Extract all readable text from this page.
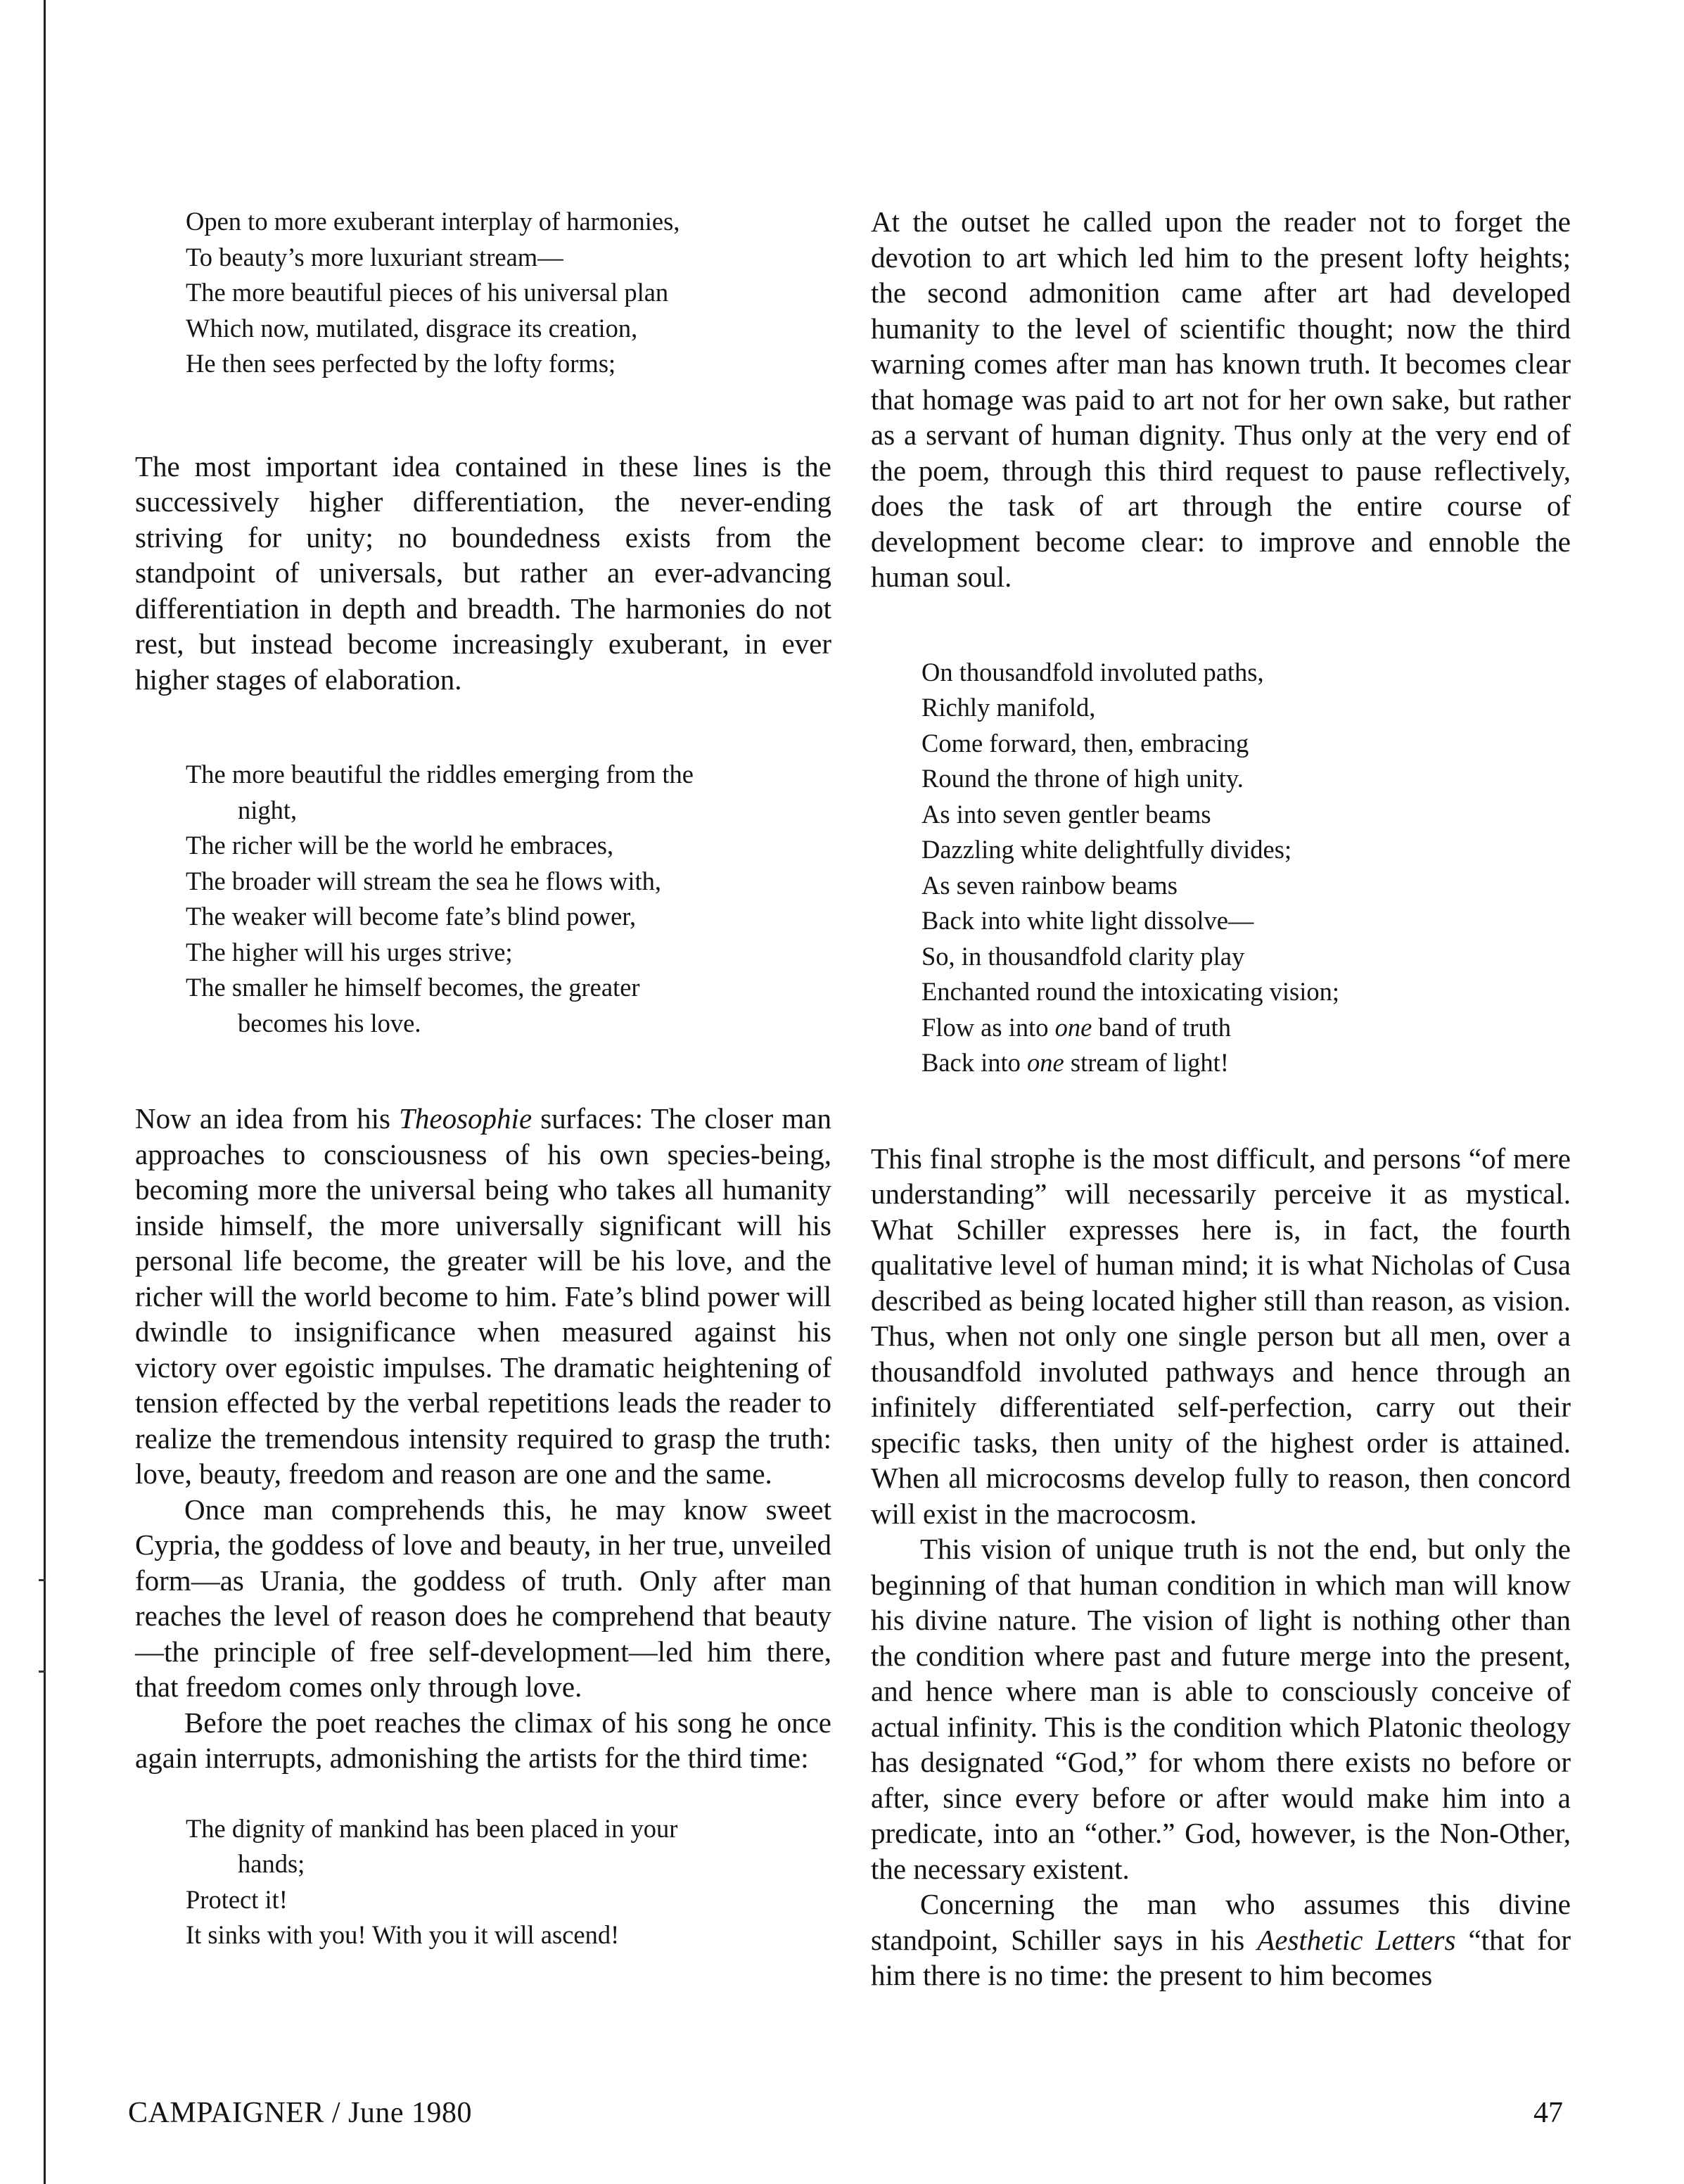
Open to more exuberant interplay of harmonies,
To beauty’s more luxuriant stream—
The more beautiful pieces of his universal plan
Which now, mutilated, disgrace its creation,
He then sees perfected by the lofty forms;

The most important idea contained in these lines is the successively higher differentiation, the never-ending striving for unity; no boundedness exists from the standpoint of universals, but rather an ever-advancing differentiation in depth and breadth. The harmonies do not rest, but instead become increasingly exuberant, in ever higher stages of elaboration.

The more beautiful the riddles emerging from the
night,
The richer will be the world he embraces,
The broader will stream the sea he flows with,
The weaker will become fate’s blind power,
The higher will his urges strive;
The smaller he himself becomes, the greater
becomes his love.

Now an idea from his Theosophie surfaces: The closer man approaches to consciousness of his own species-being, becoming more the universal being who takes all humanity inside himself, the more universally significant will his personal life become, the greater will be his love, and the richer will the world become to him. Fate’s blind power will dwindle to insignificance when measured against his victory over egoistic impulses. The dramatic heightening of tension effected by the verbal repetitions leads the reader to realize the tremendous intensity required to grasp the truth: love, beauty, freedom and reason are one and the same.

Once man comprehends this, he may know sweet Cypria, the goddess of love and beauty, in her true, unveiled form—as Urania, the goddess of truth. Only after man reaches the level of reason does he comprehend that beauty—the principle of free self-development—led him there, that freedom comes only through love.

Before the poet reaches the climax of his song he once again interrupts, admonishing the artists for the third time:

The dignity of mankind has been placed in your
hands;
Protect it!
It sinks with you! With you it will ascend!

At the outset he called upon the reader not to forget the devotion to art which led him to the present lofty heights; the second admonition came after art had developed humanity to the level of scientific thought; now the third warning comes after man has known truth. It becomes clear that homage was paid to art not for her own sake, but rather as a servant of human dignity. Thus only at the very end of the poem, through this third request to pause reflectively, does the task of art through the entire course of development become clear: to improve and ennoble the human soul.

On thousandfold involuted paths,
Richly manifold,
Come forward, then, embracing
Round the throne of high unity.
As into seven gentler beams
Dazzling white delightfully divides;
As seven rainbow beams
Back into white light dissolve—
So, in thousandfold clarity play
Enchanted round the intoxicating vision;
Flow as into one band of truth
Back into one stream of light!

This final strophe is the most difficult, and persons “of mere understanding” will necessarily perceive it as mystical. What Schiller expresses here is, in fact, the fourth qualitative level of human mind; it is what Nicholas of Cusa described as being located higher still than reason, as vision. Thus, when not only one single person but all men, over a thousandfold involuted pathways and hence through an infinitely differentiated self-perfection, carry out their specific tasks, then unity of the highest order is attained. When all microcosms develop fully to reason, then concord will exist in the macrocosm.

This vision of unique truth is not the end, but only the beginning of that human condition in which man will know his divine nature. The vision of light is nothing other than the condition where past and future merge into the present, and hence where man is able to consciously conceive of actual infinity. This is the condition which Platonic theology has designated “God,” for whom there exists no before or after, since every before or after would make him into a predicate, into an “other.” God, however, is the Non-Other, the necessary existent.

Concerning the man who assumes this divine standpoint, Schiller says in his Aesthetic Letters “that for him there is no time: the present to him becomes

CAMPAIGNER / June 1980	47
